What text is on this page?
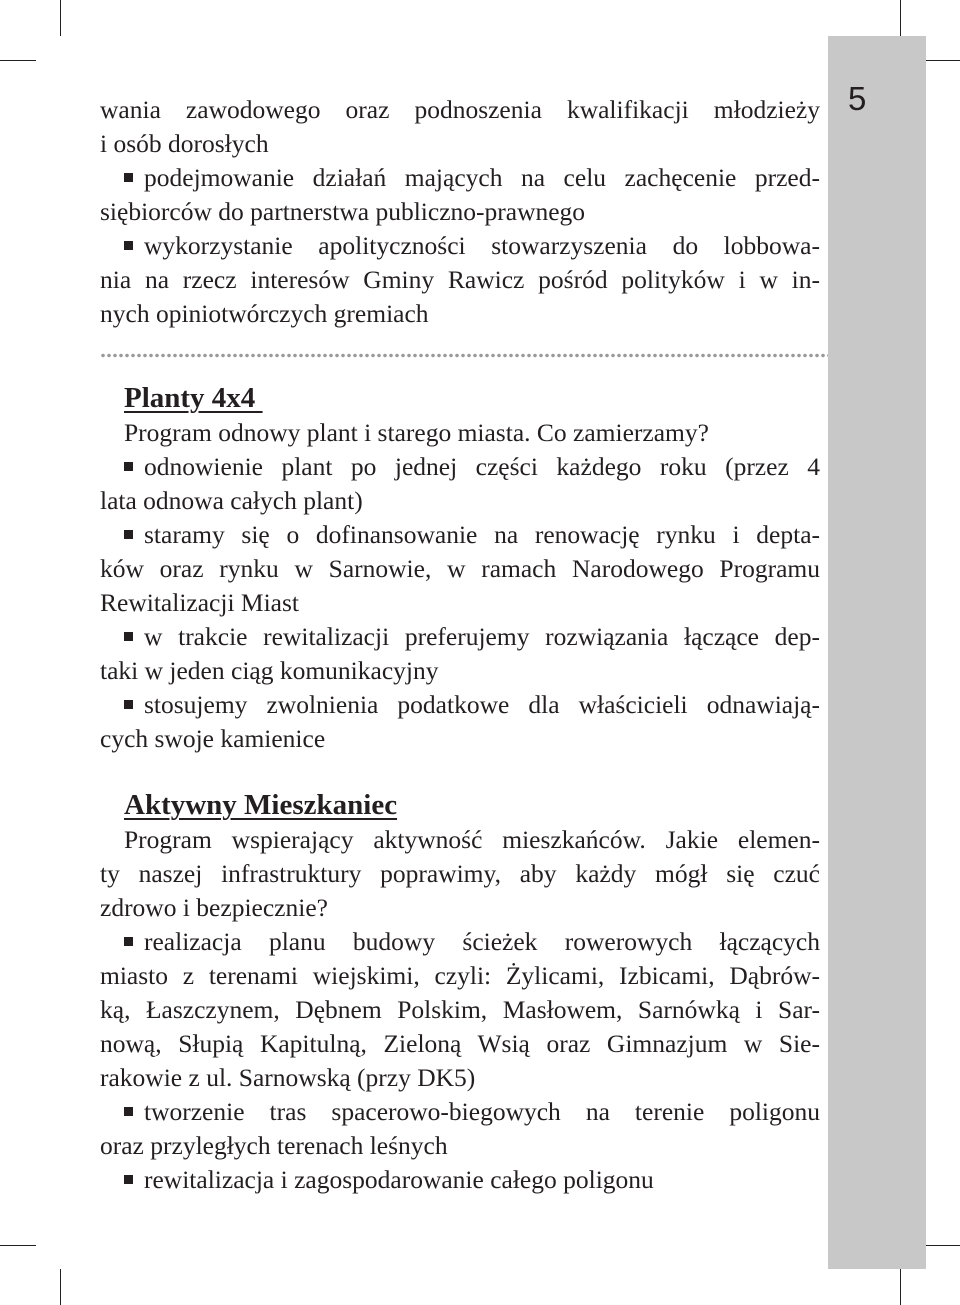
5
wania zawodowego oraz podnoszenia kwalifikacji młodzieży
i osób dorosłych
podejmowanie działań mających na celu zachęcenie przed-
siębiorców do partnerstwa publiczno-prawnego
wykorzystanie apolityczności stowarzyszenia do lobbowa-
nia na rzecz interesów Gminy Rawicz pośród polityków i w in-
nych opiniotwórczych gremiach
Planty 4x4
Program odnowy plant i starego miasta. Co zamierzamy?
odnowienie plant po jednej części każdego roku (przez 4
lata odnowa całych plant)
staramy się o dofinansowanie na renowację rynku i depta-
ków oraz rynku w Sarnowie, w ramach Narodowego Programu
Rewitalizacji Miast
w trakcie rewitalizacji preferujemy rozwiązania łączące dep-
taki w jeden ciąg komunikacyjny
stosujemy zwolnienia podatkowe dla właścicieli odnawiają-
cych swoje kamienice
Aktywny Mieszkaniec
Program wspierający aktywność mieszkańców. Jakie elemen-
ty naszej infrastruktury poprawimy, aby każdy mógł się czuć
zdrowo i bezpiecznie?
realizacja planu budowy ścieżek rowerowych łączących
miasto z terenami wiejskimi, czyli: Żylicami, Izbicami, Dąbrów-
ką, Łaszczynem, Dębnem Polskim, Masłowem, Sarnówką i Sar-
nową, Słupią Kapitulną, Zieloną Wsią oraz Gimnazjum w Sie-
rakowie z ul. Sarnowską (przy DK5)
tworzenie tras spacerowo-biegowych na terenie poligonu
oraz przyległych terenach leśnych
rewitalizacja i zagospodarowanie całego poligonu
